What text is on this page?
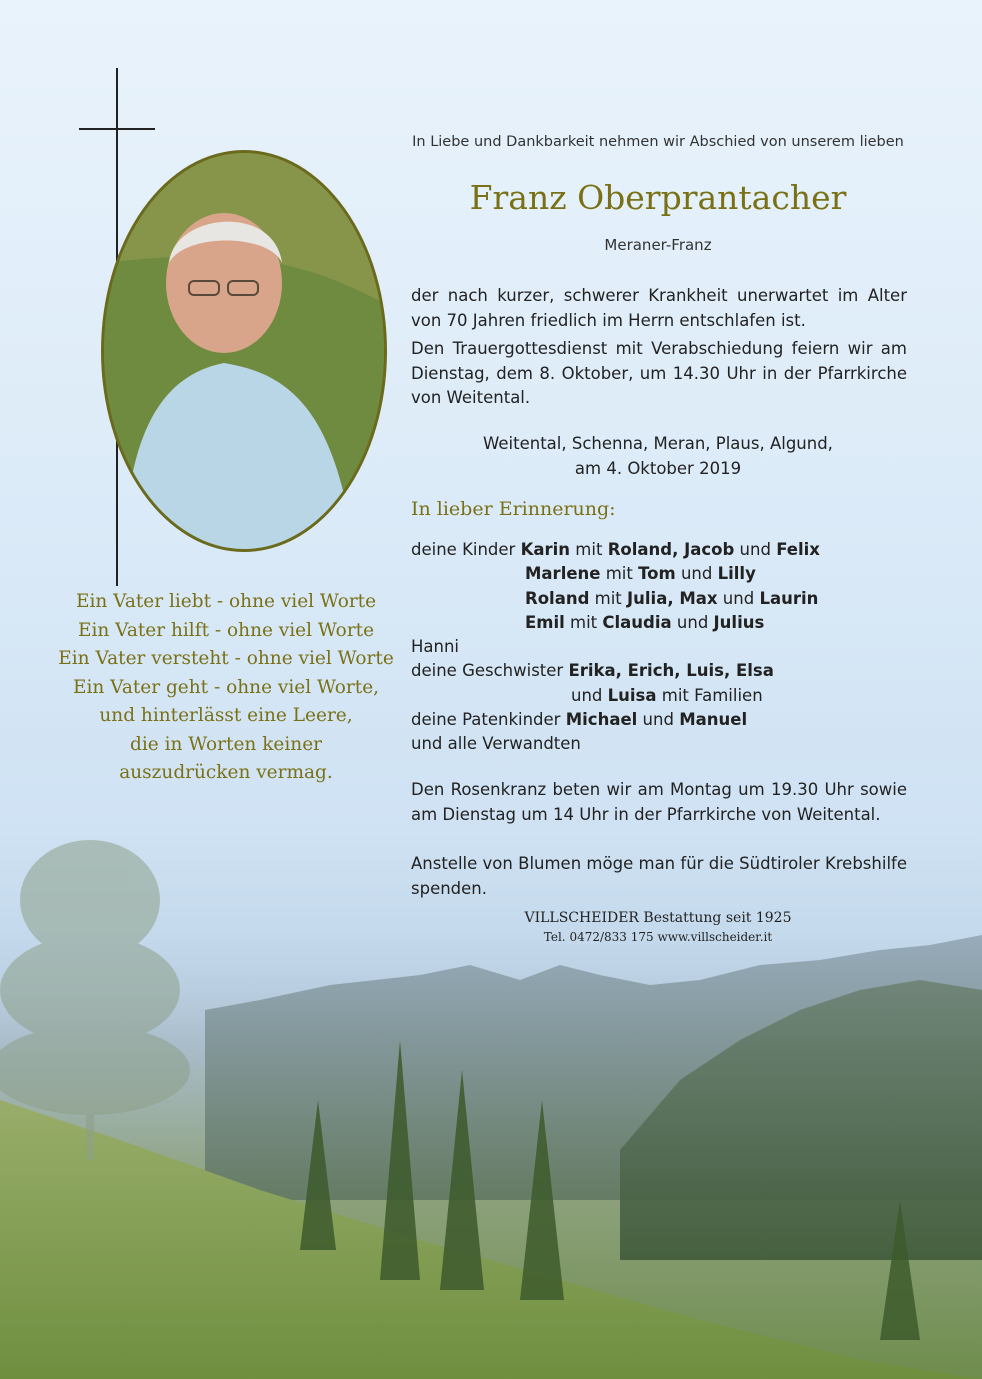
Ein Vater liebt - ohne viel Worte
Ein Vater hilft - ohne viel Worte
Ein Vater versteht - ohne viel Worte
Ein Vater geht - ohne viel Worte,
und hinterlässt eine Leere,
die in Worten keiner
auszudrücken vermag.
In Liebe und Dankbarkeit nehmen wir Abschied von unserem lieben
Franz Oberprantacher
Meraner-Franz
der nach kurzer, schwerer Krankheit unerwartet im Alter von 70 Jahren friedlich im Herrn entschlafen ist.
Den Trauergottesdienst mit Verabschiedung feiern wir am Dienstag, dem 8. Oktober, um 14.30 Uhr in der Pfarrkirche von Weitental.
Weitental, Schenna, Meran, Plaus, Algund,
am 4. Oktober 2019
In lieber Erinnerung:
deine Kinder Karin mit Roland, Jacob und Felix
Marlene mit Tom und Lilly
Roland mit Julia, Max und Laurin
Emil mit Claudia und Julius
Hanni
deine Geschwister Erika, Erich, Luis, Elsa
und Luisa mit Familien
deine Patenkinder Michael und Manuel
und alle Verwandten
Den Rosenkranz beten wir am Montag um 19.30 Uhr sowie am Dienstag um 14 Uhr in der Pfarrkirche von Weitental.
Anstelle von Blumen möge man für die Südtiroler Krebshilfe spenden.
VILLSCHEIDER Bestattung seit 1925
Tel. 0472/833 175 www.villscheider.it
